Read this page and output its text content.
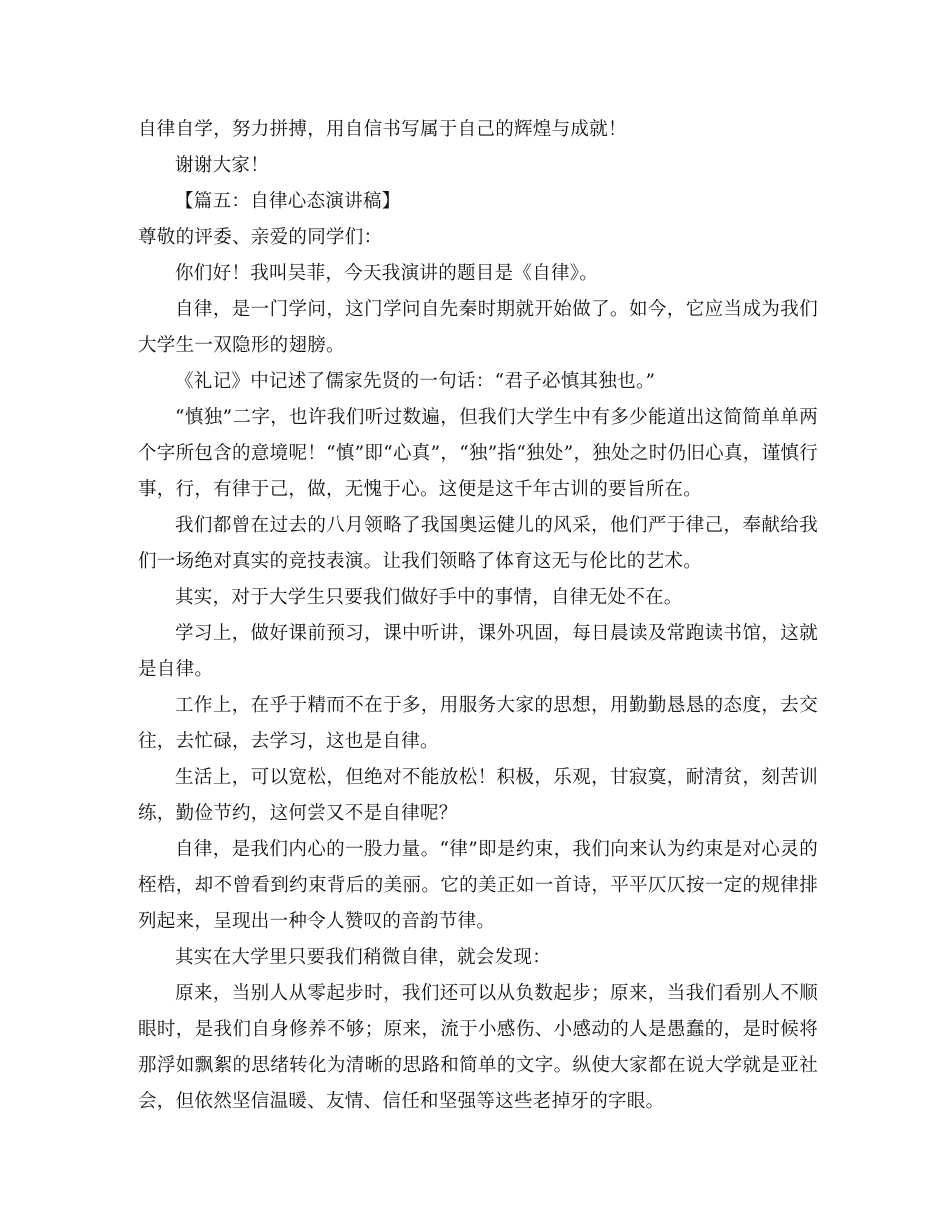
自律自学，努力拼搏，用自信书写属于自己的辉煌与成就！

谢谢大家！

【篇五：自律心态演讲稿】

尊敬的评委、亲爱的同学们：

你们好！我叫吴菲，今天我演讲的题目是《自律》。

自律，是一门学问，这门学问自先秦时期就开始做了。如今，它应当成为我们大学生一双隐形的翅膀。

《礼记》中记述了儒家先贤的一句话：“君子必慎其独也。”

“慎独”二字，也许我们听过数遍，但我们大学生中有多少能道出这简简单单两个字所包含的意境呢！“慎”即“心真”，“独”指“独处”，独处之时仍旧心真，谨慎行事，行，有律于己，做，无愧于心。这便是这千年古训的要旨所在。

我们都曾在过去的八月领略了我国奥运健儿的风采，他们严于律己，奉献给我们一场绝对真实的竞技表演。让我们领略了体育这无与伦比的艺术。

其实，对于大学生只要我们做好手中的事情，自律无处不在。

学习上，做好课前预习，课中听讲，课外巩固，每日晨读及常跑读书馆，这就是自律。

工作上，在乎于精而不在于多，用服务大家的思想，用勤勤恳恳的态度，去交往，去忙碌，去学习，这也是自律。

生活上，可以宽松，但绝对不能放松！积极，乐观，甘寂寞，耐清贫，刻苦训练，勤俭节约，这何尝又不是自律呢？

自律，是我们内心的一股力量。“律”即是约束，我们向来认为约束是对心灵的桎梏，却不曾看到约束背后的美丽。它的美正如一首诗，平平仄仄按一定的规律排列起来，呈现出一种令人赞叹的音韵节律。

其实在大学里只要我们稍微自律，就会发现：

原来，当别人从零起步时，我们还可以从负数起步；原来，当我们看别人不顺眼时，是我们自身修养不够；原来，流于小感伤、小感动的人是愚蠢的，是时候将那浮如飘絮的思绪转化为清晰的思路和简单的文字。纵使大家都在说大学就是亚社会，但依然坚信温暖、友情、信任和坚强等这些老掉牙的字眼。
